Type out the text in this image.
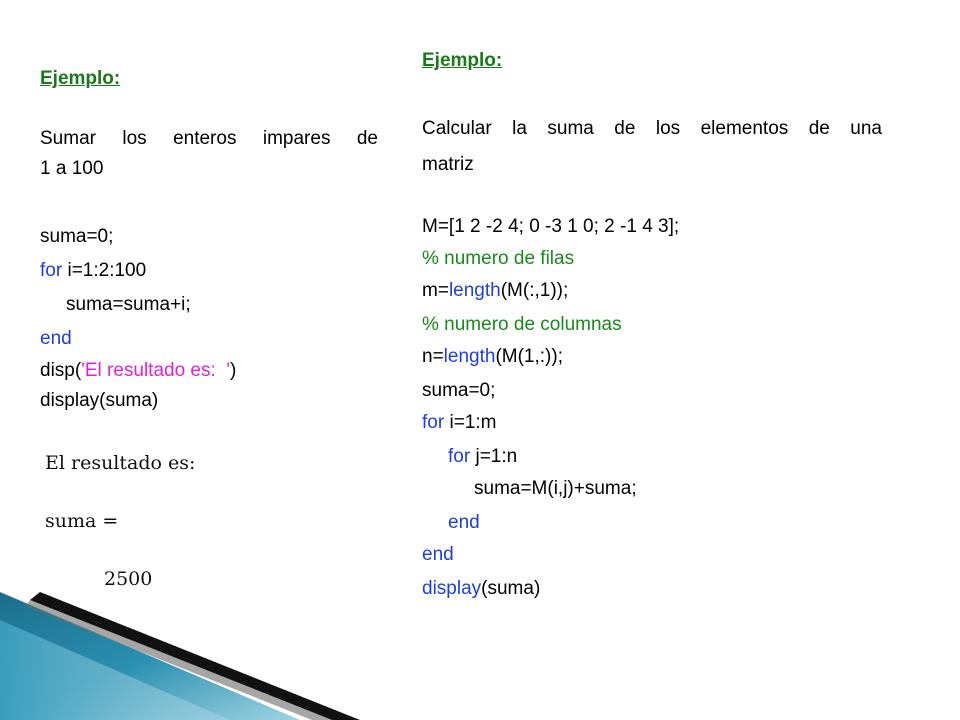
Ejemplo:
Sumar los enteros impares de
1 a 100
suma=0;
for i=1:2:100
suma=suma+i;
end
disp('El resultado es:  ')
display(suma)
El resultado es:
suma =
2500
Ejemplo:
Calcular la suma de los elementos de una
matriz
M=[1 2 -2 4; 0 -3 1 0; 2 -1 4 3];
% numero de filas
m=length(M(:,1));
% numero de columnas
n=length(M(1,:));
suma=0;
for i=1:m
for j=1:n
suma=M(i,j)+suma;
end
end
display(suma)
